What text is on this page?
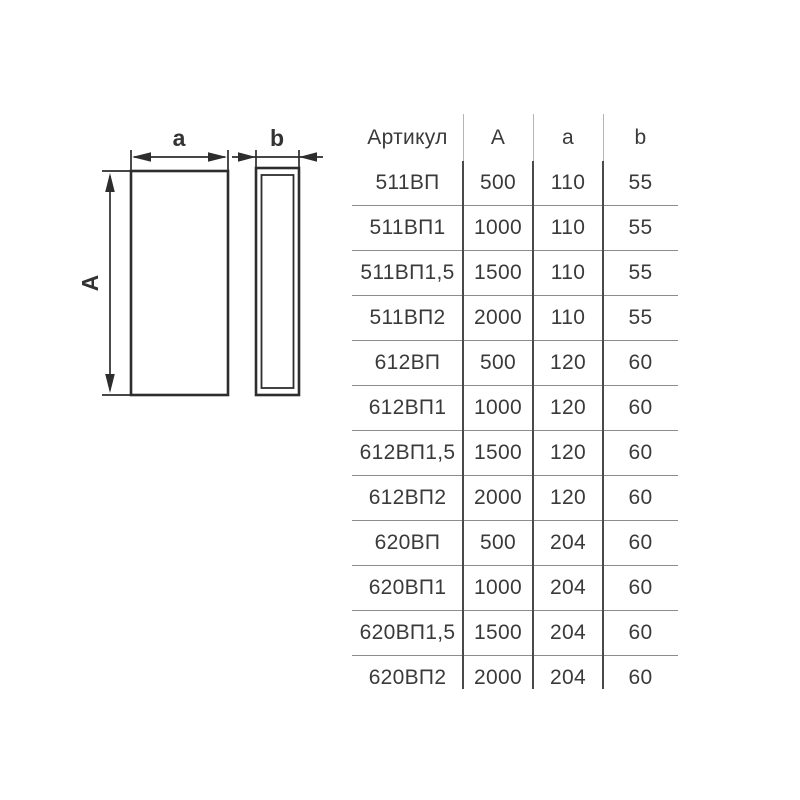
A
a	b	Артикул	A	a	b
511ВП	500	110	55
511ВП1	1000	110	55
511ВП1,5 1500	110	55
511ВП2	2000	110	55
612ВП	500	120	60
612ВП1	1000	120	60
612ВП1,5 1500	120	60
612ВП2	2000	120	60
620ВП	500	204	60
620ВП1	1000	204	60
620ВП1,5 1500	204	60
620ВП2	2000	204	60
